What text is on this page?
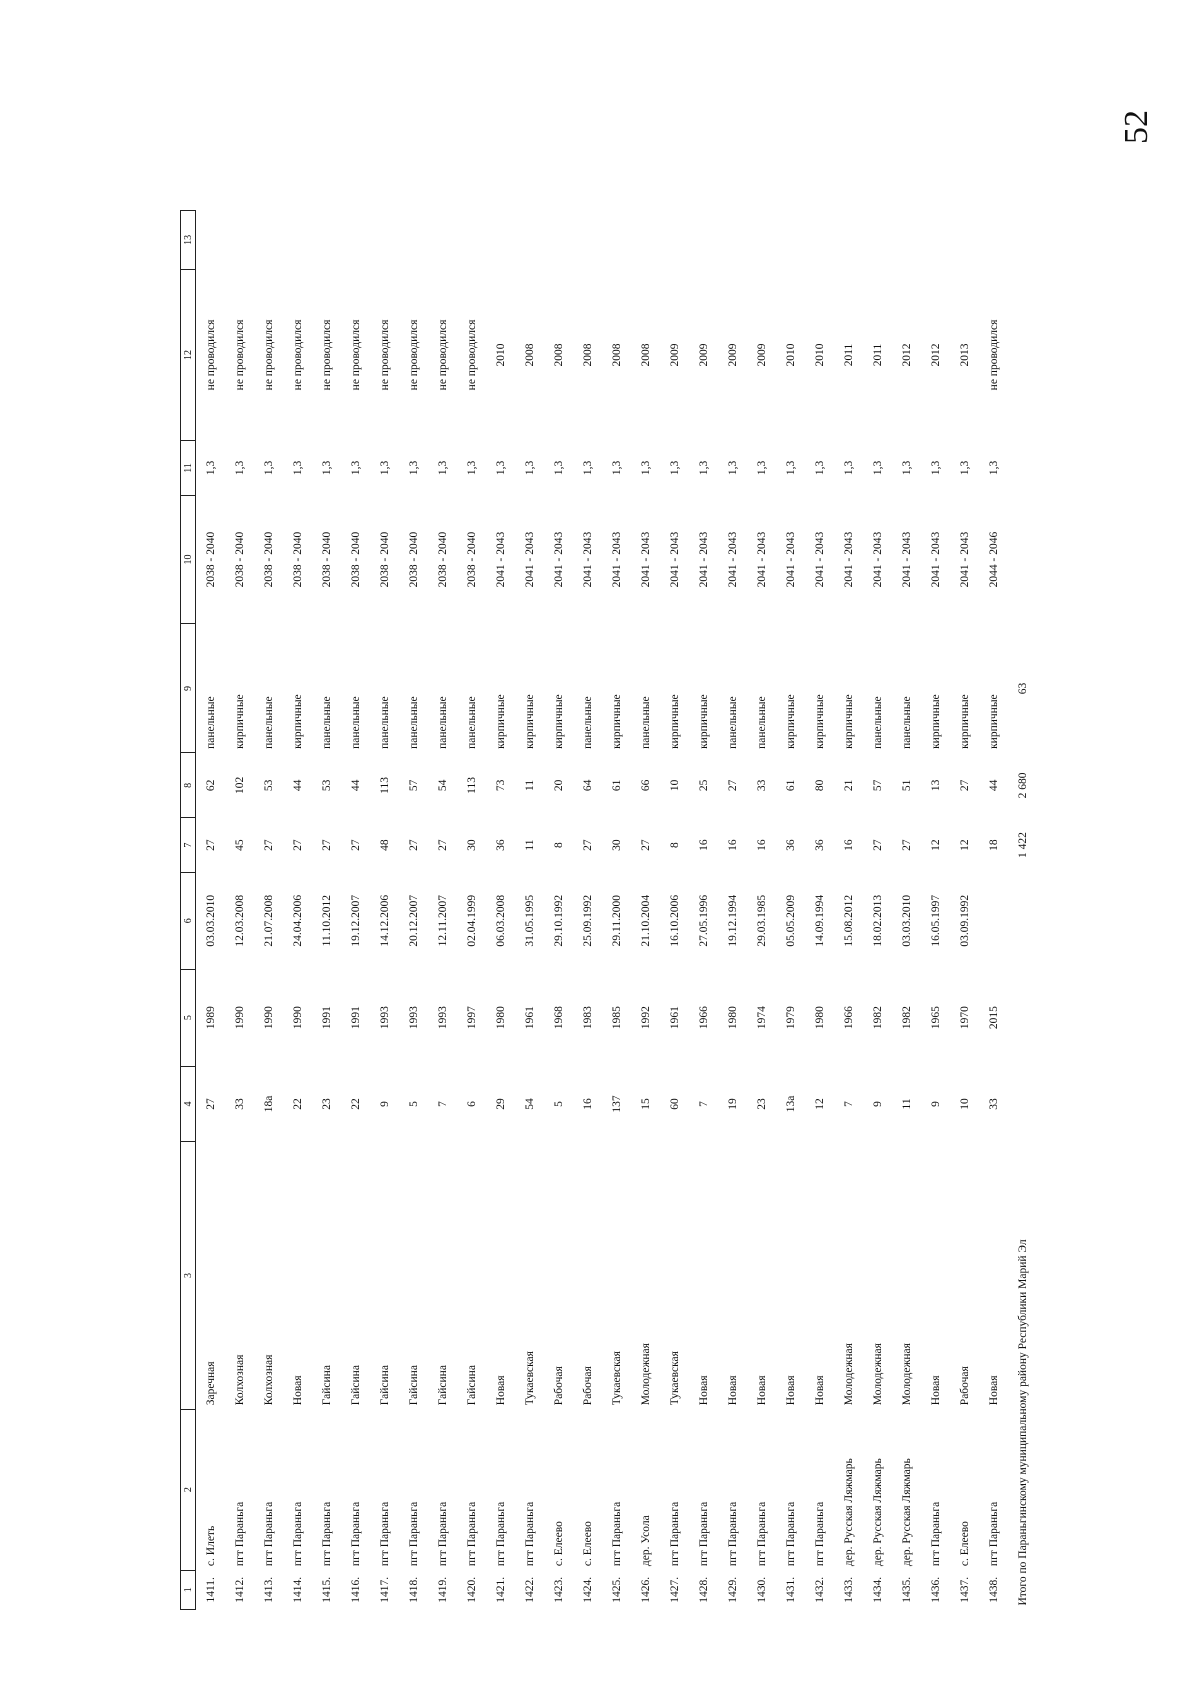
52
1	2	3	4	5	6	7	8	9	10	11	12	13
1411.	с. Илеть	Заречная	27	1989	03.03.2010	27	62	панельные	2038 - 2040	1,3	не проводился	
1412.	пгт Параньга	Колхозная	33	1990	12.03.2008	45	102	кирпичные	2038 - 2040	1,3	не проводился	
1413.	пгт Параньга	Колхозная	18а	1990	21.07.2008	27	53	панельные	2038 - 2040	1,3	не проводился	
1414.	пгт Параньга	Новая	22	1990	24.04.2006	27	44	кирпичные	2038 - 2040	1,3	не проводился	
1415.	пгт Параньга	Гайсина	23	1991	11.10.2012	27	53	панельные	2038 - 2040	1,3	не проводился	
1416.	пгт Параньга	Гайсина	22	1991	19.12.2007	27	44	панельные	2038 - 2040	1,3	не проводился	
1417.	пгт Параньга	Гайсина	9	1993	14.12.2006	48	113	панельные	2038 - 2040	1,3	не проводился	
1418.	пгт Параньга	Гайсина	5	1993	20.12.2007	27	57	панельные	2038 - 2040	1,3	не проводился	
1419.	пгт Параньга	Гайсина	7	1993	12.11.2007	27	54	панельные	2038 - 2040	1,3	не проводился	
1420.	пгт Параньга	Гайсина	6	1997	02.04.1999	30	113	панельные	2038 - 2040	1,3	не проводился	
1421.	пгт Параньга	Новая	29	1980	06.03.2008	36	73	кирпичные	2041 - 2043	1,3	2010	
1422.	пгт Параньга	Тукаевская	54	1961	31.05.1995	11	11	кирпичные	2041 - 2043	1,3	2008	
1423.	с. Елеево	Рабочая	5	1968	29.10.1992	8	20	кирпичные	2041 - 2043	1,3	2008	
1424.	с. Елеево	Рабочая	16	1983	25.09.1992	27	64	панельные	2041 - 2043	1,3	2008	
1425.	пгт Параньга	Тукаевская	137	1985	29.11.2000	30	61	кирпичные	2041 - 2043	1,3	2008	
1426.	дер. Усола	Молодежная	15	1992	21.10.2004	27	66	панельные	2041 - 2043	1,3	2008	
1427.	пгт Параньга	Тукаевская	60	1961	16.10.2006	8	10	кирпичные	2041 - 2043	1,3	2009	
1428.	пгт Параньга	Новая	7	1966	27.05.1996	16	25	кирпичные	2041 - 2043	1,3	2009	
1429.	пгт Параньга	Новая	19	1980	19.12.1994	16	27	панельные	2041 - 2043	1,3	2009	
1430.	пгт Параньга	Новая	23	1974	29.03.1985	16	33	панельные	2041 - 2043	1,3	2009	
1431.	пгт Параньга	Новая	13а	1979	05.05.2009	36	61	кирпичные	2041 - 2043	1,3	2010	
1432.	пгт Параньга	Новая	12	1980	14.09.1994	36	80	кирпичные	2041 - 2043	1,3	2010	
1433.	дер. Русская Ляжмарь	Молодежная	7	1966	15.08.2012	16	21	кирпичные	2041 - 2043	1,3	2011	
1434.	дер. Русская Ляжмарь	Молодежная	9	1982	18.02.2013	27	57	панельные	2041 - 2043	1,3	2011	
1435.	дер. Русская Ляжмарь	Молодежная	11	1982	03.03.2010	27	51	панельные	2041 - 2043	1,3	2012	
1436.	пгт Параньга	Новая	9	1965	16.05.1997	12	13	кирпичные	2041 - 2043	1,3	2012	
1437.	с. Елеево	Рабочая	10	1970	03.09.1992	12	27	кирпичные	2041 - 2043	1,3	2013	
1438.	пгт Параньга	Новая	33	2015		18	44	кирпичные	2044 - 2046	1,3	не проводился	
Итого по Параньгинскому муниципальному району Республики Марий Эл						1 422	2 680	63				
